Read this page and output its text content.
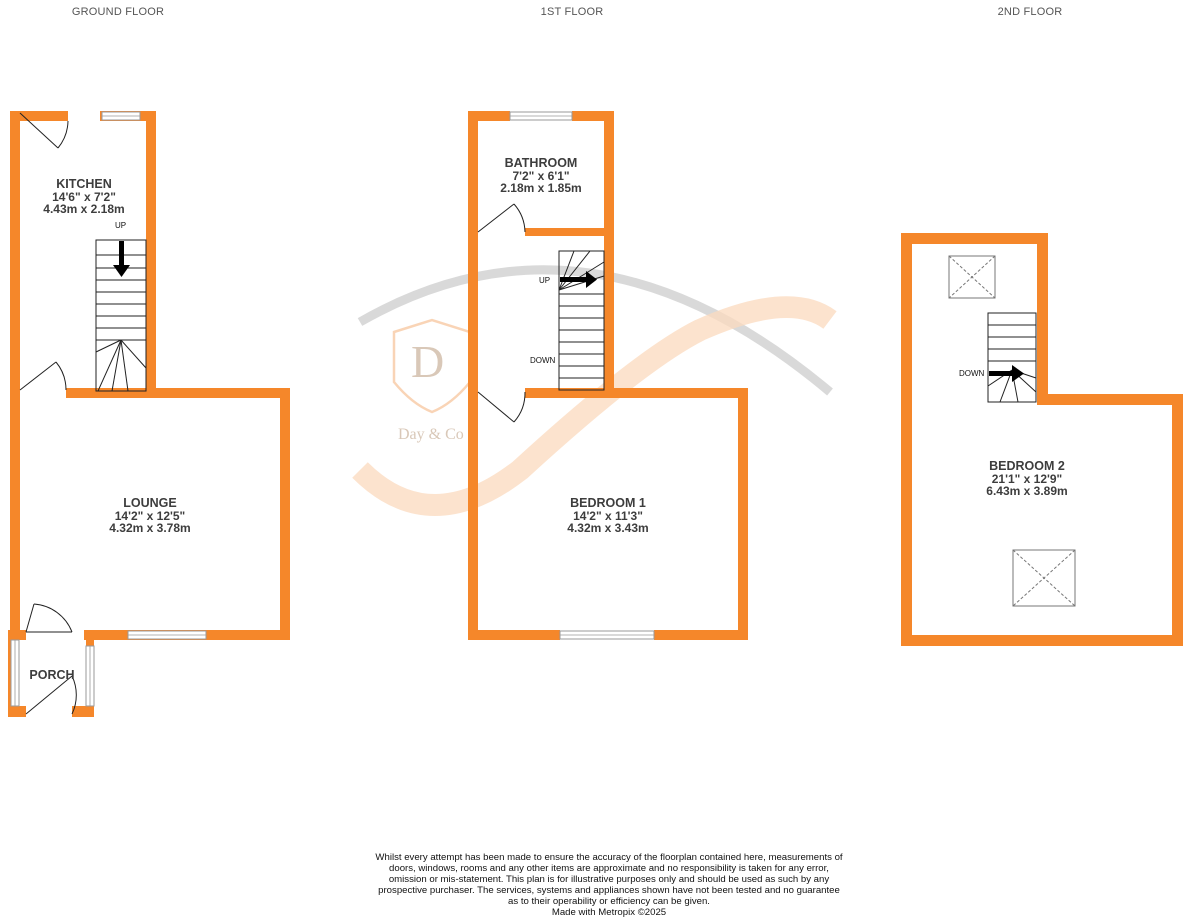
GROUND FLOOR	1ST FLOOR	2ND FLOOR
D
Day & Co
KITCHEN
14'6" x 7'2"
4.43m x 2.18m
LOUNGE
14'2" x 12'5"
4.32m x 3.78m
PORCH
BATHROOM
7'2" x 6'1"
2.18m x 1.85m
BEDROOM 1
14'2" x 11'3"
4.32m x 3.43m
BEDROOM 2
21'1" x 12'9"
6.43m x 3.89m
UP
UP
DOWN
DOWN
Whilst every attempt has been made to ensure the accuracy of the floorplan contained here, measurements of doors, windows, rooms and any other items are approximate and no responsibility is taken for any error, omission or mis-statement. This plan is for illustrative purposes only and should be used as such by any prospective purchaser. The services, systems and appliances shown have not been tested and no guarantee as to their operability or efficiency can be given.
Made with Metropix ©2025
